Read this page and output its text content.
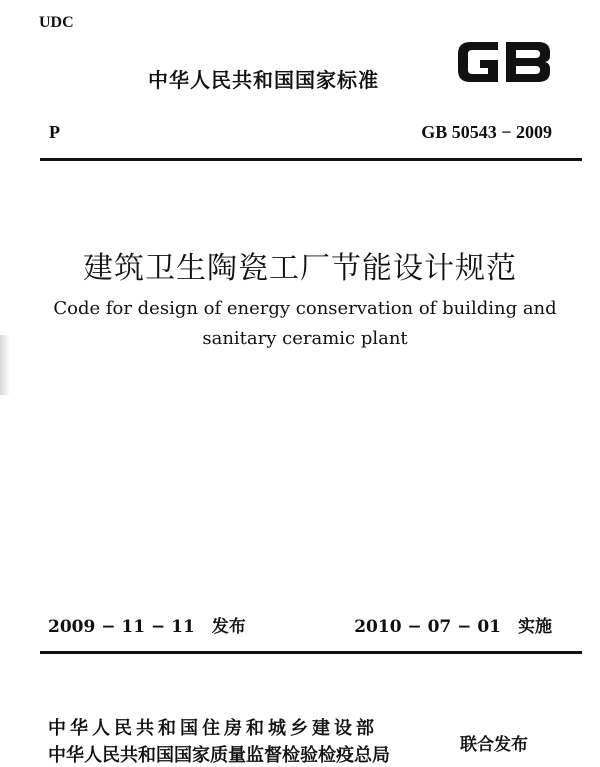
UDC
中华人民共和国国家标准
P	GB 50543 − 2009
建筑卫生陶瓷工厂节能设计规范
Code for design of energy conservation of building and
sanitary ceramic plant
2009 − 11 − 11　发布	2010 − 07 − 01　实施
中华人民共和国住房和城乡建设部
中华人民共和国国家质量监督检验检疫总局	联合发布
